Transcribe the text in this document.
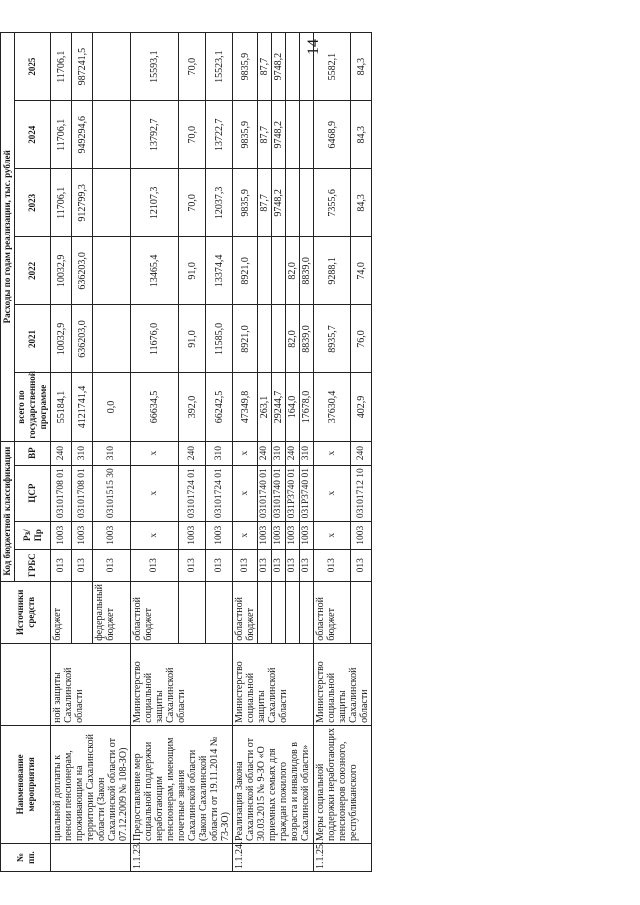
14
№ пп.	Наименование мероприятия		Источники средств	Код бюджетной классификации				Расходы по годам реализации, тыс. рублей					
				ГРБС	Рз/Пр	ЦСР	ВР	всего по государственной программе	2021	2022	2023	2024	2025
	циальной доплаты к пенсии пенсионерам, проживающим на территории Сахалинской области (Закон Сахалинской области от 07.12.2009 № 108-ЗО)	ной защиты Сахалинской области	бюджет	013	1003	03101708 01	240	55184,1	10032,9	10032,9	11706,1	11706,1	11706,1
				013	1003	03101708 01	310	4121741,4	636203,0	636203,0	912799,3	949294,6	987241,5
			федеральный бюджет	013	1003	03101515 30	310	0,0					
1.1.23.	Предоставление мер социальной поддержки неработающим пенсионерам, имеющим почетные звания Сахалинской области (Закон Сахалинской области от 19.11.2014 № 73-ЗО)	Министерство социальной защиты Сахалинской области	областной бюджет	013	х	х	х	66634,5	11676,0	13465,4	12107,3	13792,7	15593,1
				013	1003	03101724 01	240	392,0	91,0	91,0	70,0	70,0	70,0
				013	1003	03101724 01	310	66242,5	11585,0	13374,4	12037,3	13722,7	15523,1
1.1.24.	Реализация Закона Сахалинской области от 30.03.2015 № 9-ЗО «О приемных семьях для граждан пожилого возраста и инвалидов в Сахалинской области»	Министерство социальной защиты Сахалинской области	областной бюджет	013	х	х	х	47349,8	8921,0	8921,0	9835,9	9835,9	9835,9
				013	1003	03101740 01	240	263,1			87,7	87,7	87,7
				013	1003	03101740 01	310	29244,7			9748,2	9748,2	9748,2
				013	1003	031P3740 01	240	164,0	82,0	82,0			
				013	1003	031P3740 01	310	17678,0	8839,0	8839,0			
1.1.25.	Меры социальной поддержки неработающих пенсионеров союзного, республиканского	Министерство социальной защиты Сахалинской области	областной бюджет	013	х	х	х	37630,4	8935,7	9288,1	7355,6	6468,9	5582,1
				013	1003	03101712 10	240	402,9	76,0	74,0	84,3	84,3	84,3
